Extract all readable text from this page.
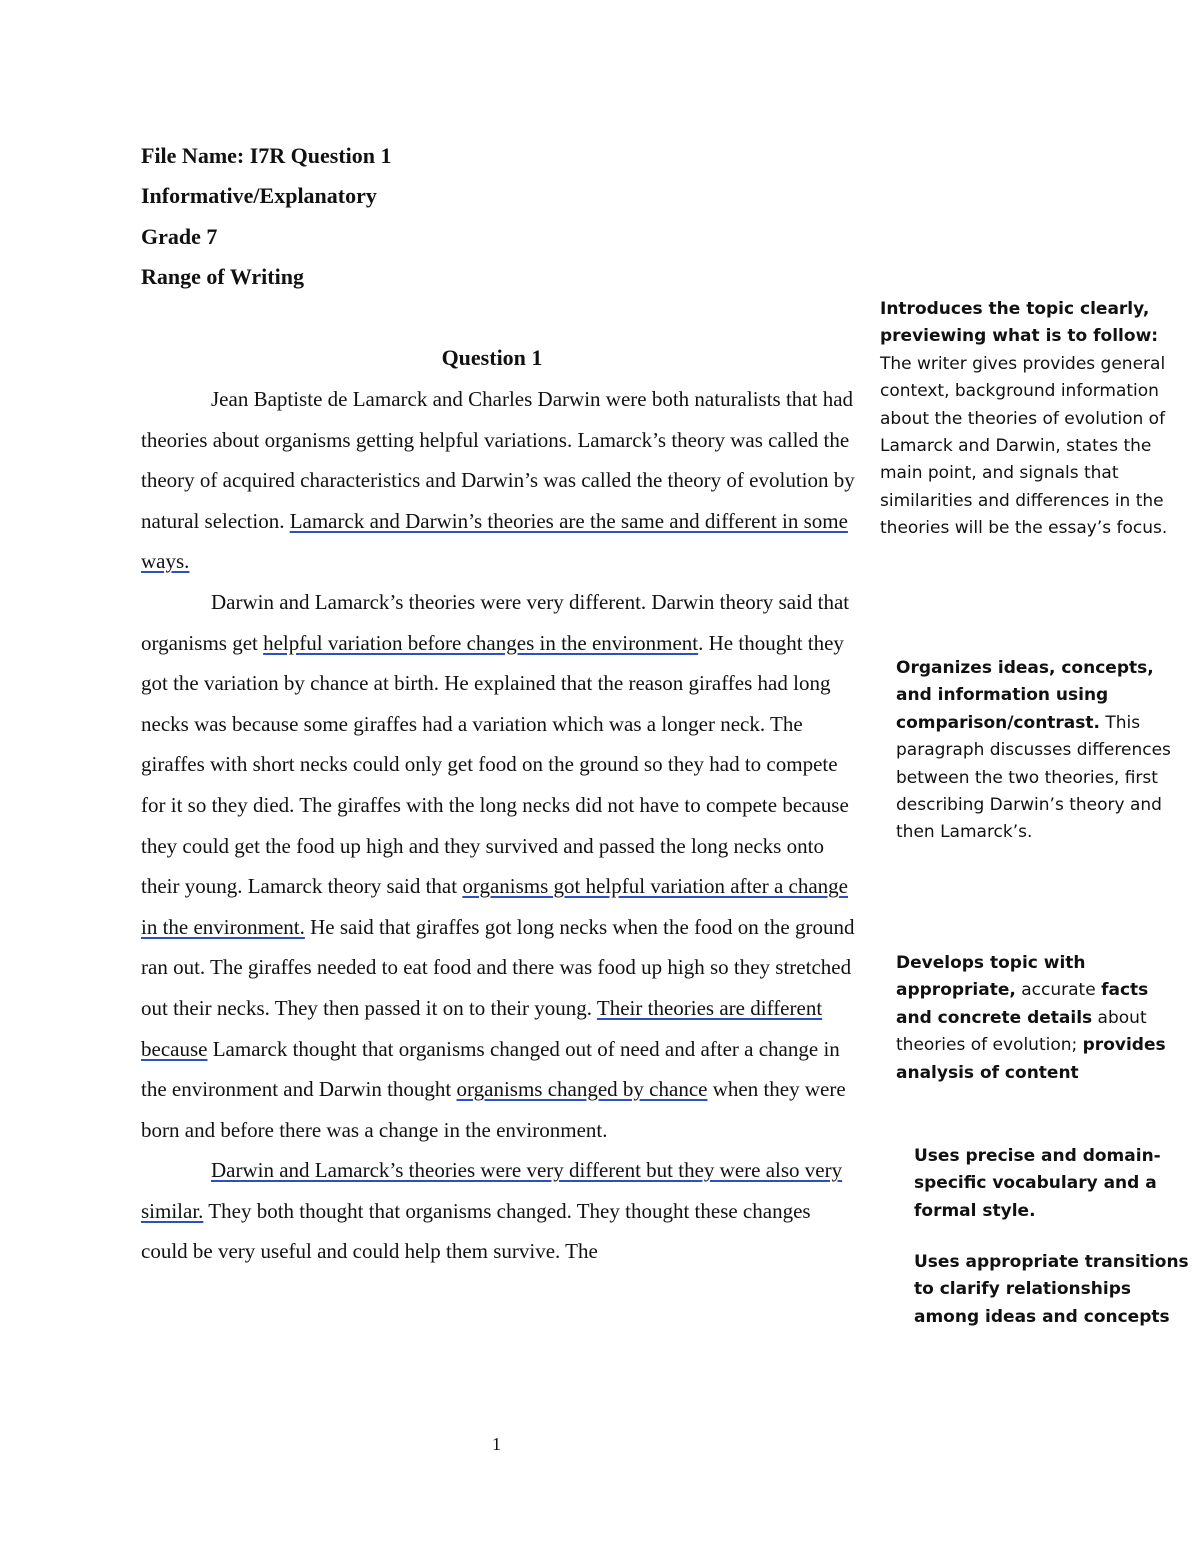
File Name: I7R Question 1

Informative/Explanatory

Grade 7

Range of Writing

Question 1

Jean Baptiste de Lamarck and Charles Darwin were both naturalists that had theories about organisms getting helpful variations. Lamarck’s theory was called the theory of acquired characteristics and Darwin’s was called the theory of evolution by natural selection. Lamarck and Darwin’s theories are the same and different in some ways.
Darwin and Lamarck’s theories were very different. Darwin theory said that organisms get helpful variation before changes in the environment. He thought they got the variation by chance at birth. He explained that the reason giraffes had long necks was because some giraffes had a variation which was a longer neck. The giraffes with short necks could only get food on the ground so they had to compete for it so they died. The giraffes with the long necks did not have to compete because they could get the food up high and they survived and passed the long necks onto their young. Lamarck theory said that organisms got helpful variation after a change in the environment. He said that giraffes got long necks when the food on the ground ran out. The giraffes needed to eat food and there was food up high so they stretched out their necks. They then passed it on to their young. Their theories are different because Lamarck thought that organisms changed out of need and after a change in the environment and Darwin thought organisms changed by chance when they were born and before there was a change in the environment.
Darwin and Lamarck’s theories were very different but they were also very similar. They both thought that organisms changed. They thought these changes could be very useful and could help them survive. The

Introduces the topic clearly, previewing what is to follow: The writer gives provides general context, background information about the theories of evolution of Lamarck and Darwin, states the main point, and signals that similarities and differences in the theories will be the essay’s focus.

Organizes ideas, concepts, and information using comparison/contrast. This paragraph discusses differences between the two theories, first describing Darwin’s theory and then Lamarck’s.

Develops topic with appropriate, accurate facts and concrete details about theories of evolution; provides analysis of content

Uses precise and domain-specific vocabulary and a formal style.

Uses appropriate transitions to clarify relationships among ideas and concepts

1
